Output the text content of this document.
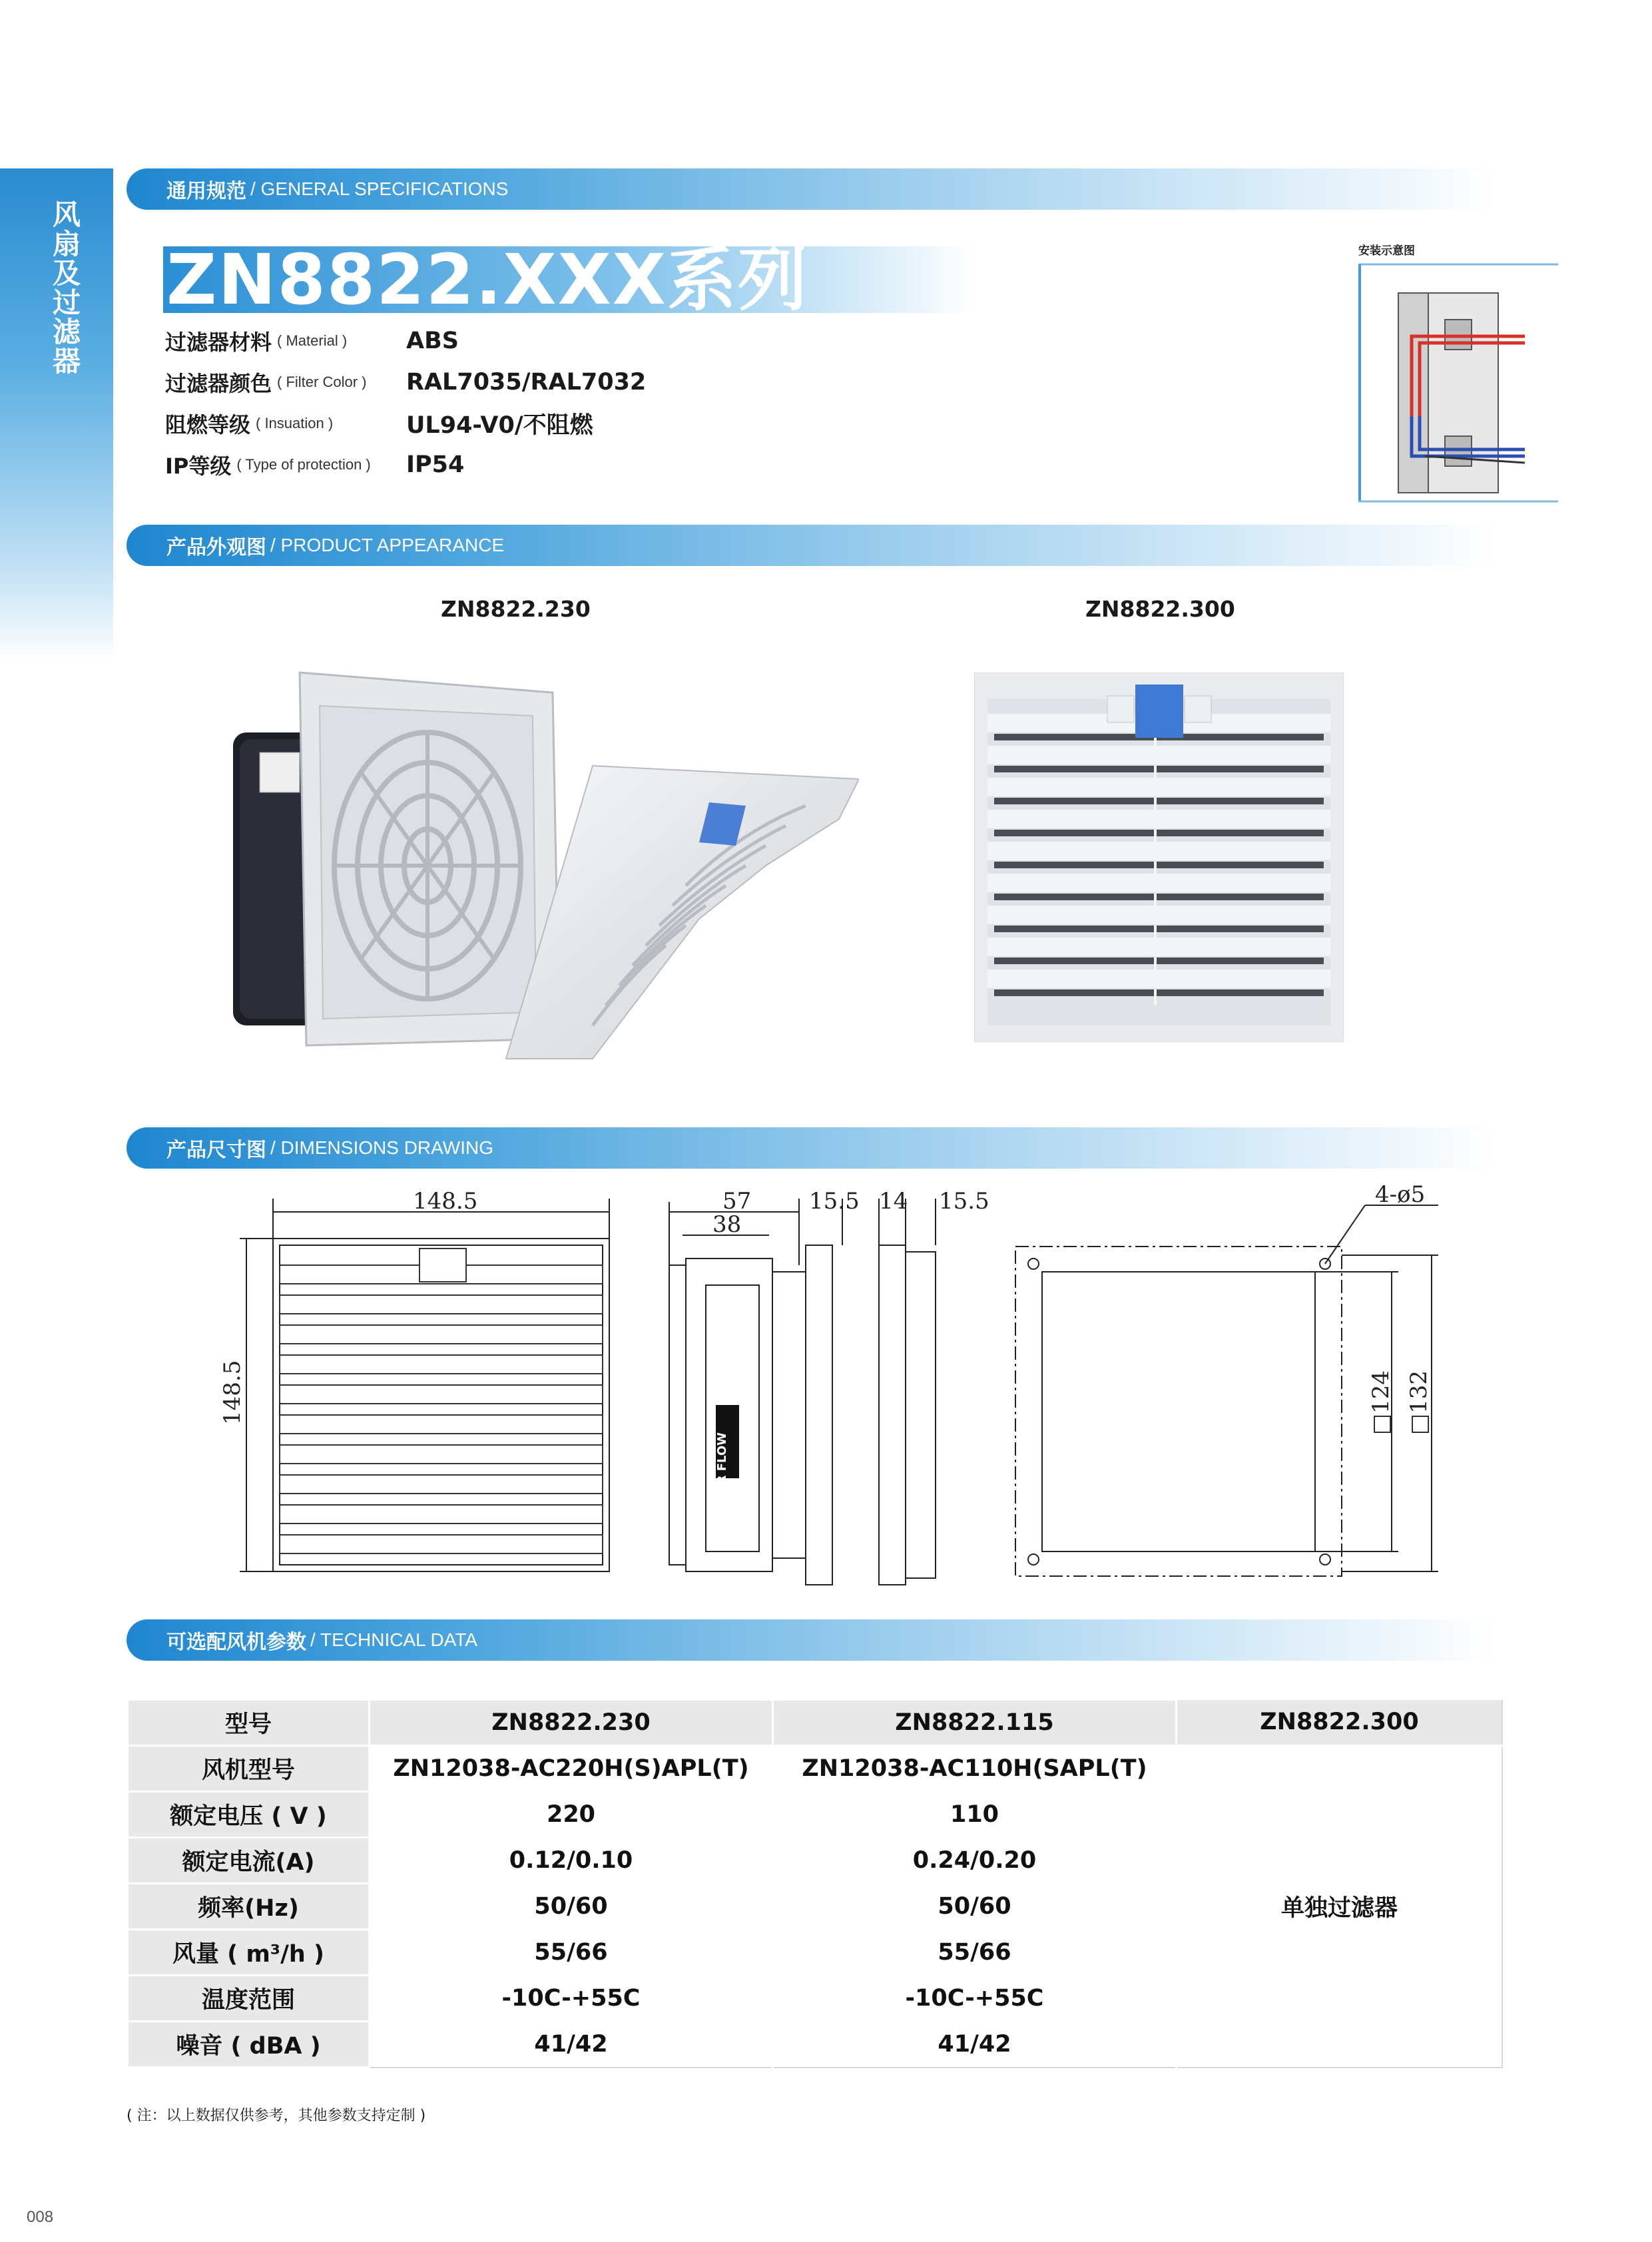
风扇及过滤器
通用规范 / GENERAL SPECIFICATIONS
ZN8822.XXX系列
过滤器材料 ( Material )	ABS
过滤器颜色 ( Filter Color )	RAL7035/RAL7032
阻燃等级 ( Insuation )	UL94-V0/不阻燃
IP等级 ( Type of protection )	IP54
安装示意图
产品外观图 / PRODUCT APPEARANCE
ZN8822.230	ZN8822.300
产品尺寸图 / DIMENSIONS DRAWING
148.5
148.5
57
38
15.5 14 15.5	4-ø5
□124 □132
AIR FLOW
可选配风机参数 / TECHNICAL DATA
型号	ZN8822.230	ZN8822.115	ZN8822.300
风机型号	ZN12038-AC220H(S)APL(T)	ZN12038-AC110H(SAPL(T)	单独过滤器
额定电压 ( V )	220	110	
额定电流(A)	0.12/0.10	0.24/0.20	
频率(Hz)	50/60	50/60	
风量 ( m³/h )	55/66	55/66	
温度范围	-10C-+55C	-10C-+55C	
噪音 ( dBA )	41/42	41/42	
( 注：以上数据仅供参考，其他参数支持定制 )
008
